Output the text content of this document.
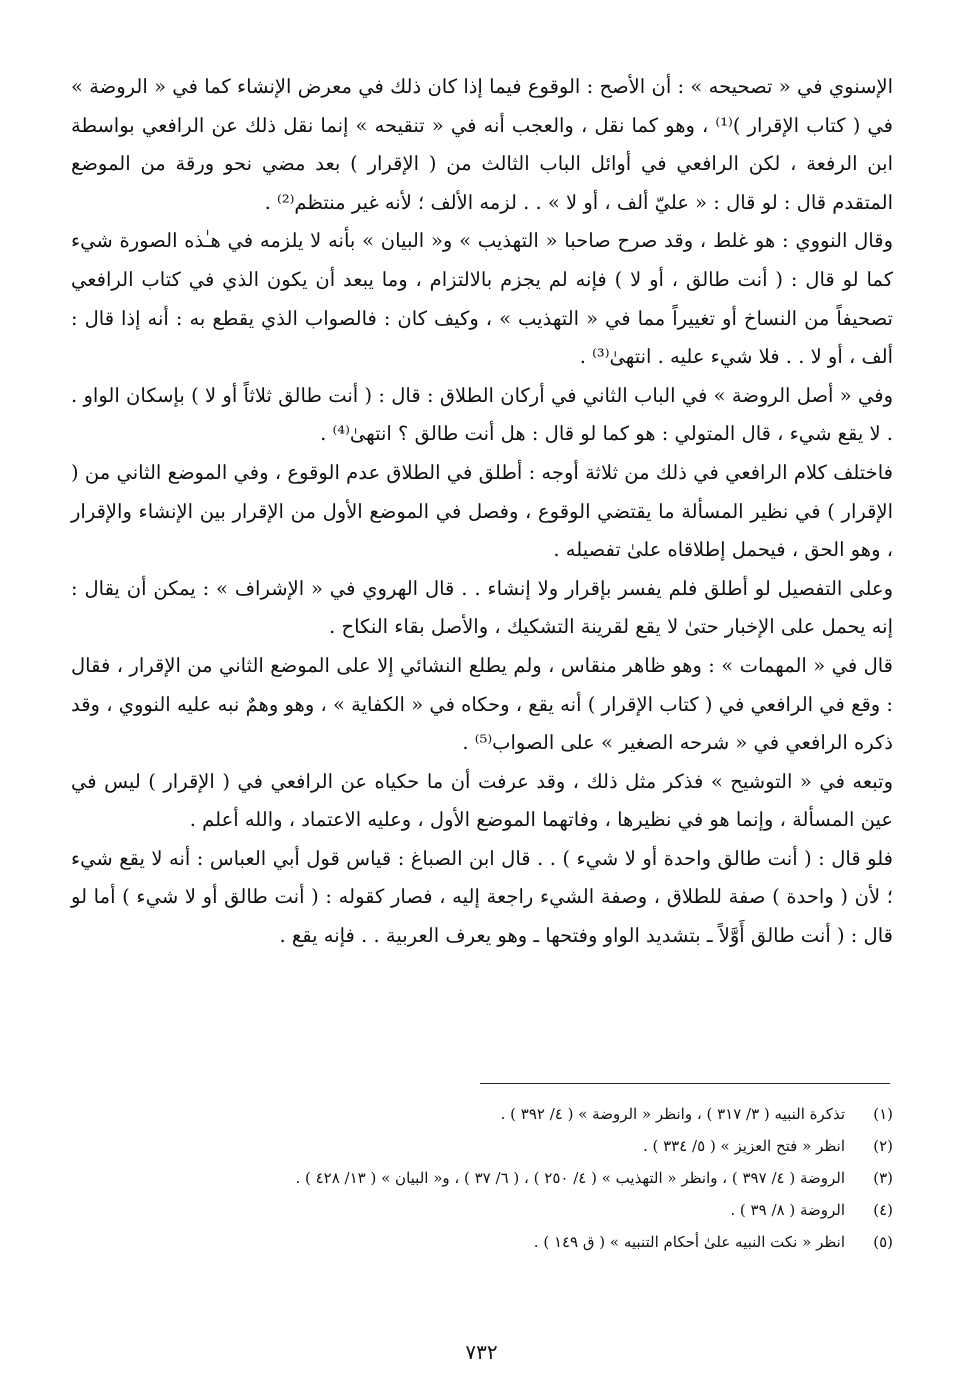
الإسنوي في « تصحيحه » : أن الأصح : الوقوع فيما إذا كان ذلك في معرض الإنشاء كما في « الروضة » في ( كتاب الإقرار )⁽¹⁾ ، وهو كما نقل ، والعجب أنه في « تنقيحه » إنما نقل ذلك عن الرافعي بواسطة ابن الرفعة ، لكن الرافعي في أوائل الباب الثالث من ( الإقرار ) بعد مضي نحو ورقة من الموضع المتقدم قال : لو قال : « عليّ ألف ، أو لا » . . لزمه الألف ؛ لأنه غير منتظم⁽²⁾ .

وقال النووي : هو غلط ، وقد صرح صاحبا « التهذيب » و« البيان » بأنه لا يلزمه في هـٰذه الصورة شيء كما لو قال : ( أنت طالق ، أو لا ) فإنه لم يجزم بالالتزام ، وما يبعد أن يكون الذي في كتاب الرافعي تصحيفاً من النساخ أو تغييراً مما في « التهذيب » ، وكيف كان : فالصواب الذي يقطع به : أنه إذا قال : ألف ، أو لا . . فلا شيء عليه . انتهىٰ⁽³⁾ .

وفي « أصل الروضة » في الباب الثاني في أركان الطلاق : قال : ( أنت طالق ثلاثاً أو لا ) بإسكان الواو . . لا يقع شيء ، قال المتولي : هو كما لو قال : هل أنت طالق ؟ انتهىٰ⁽⁴⁾ .

فاختلف كلام الرافعي في ذلك من ثلاثة أوجه : أطلق في الطلاق عدم الوقوع ، وفي الموضع الثاني من ( الإقرار ) في نظير المسألة ما يقتضي الوقوع ، وفصل في الموضع الأول من الإقرار بين الإنشاء والإقرار ، وهو الحق ، فيحمل إطلاقاه علىٰ تفصيله .

وعلى التفصيل لو أطلق فلم يفسر بإقرار ولا إنشاء . . قال الهروي في « الإشراف » : يمكن أن يقال : إنه يحمل على الإخبار حتىٰ لا يقع لقرينة التشكيك ، والأصل بقاء النكاح .

قال في « المهمات » : وهو ظاهر منقاس ، ولم يطلع النشائي إلا على الموضع الثاني من الإقرار ، فقال : وقع في الرافعي في ( كتاب الإقرار ) أنه يقع ، وحكاه في « الكفاية » ، وهو وهمٌ نبه عليه النووي ، وقد ذكره الرافعي في « شرحه الصغير » على الصواب⁽⁵⁾ .

وتبعه في « التوشيح » فذكر مثل ذلك ، وقد عرفت أن ما حكياه عن الرافعي في ( الإقرار ) ليس في عين المسألة ، وإنما هو في نظيرها ، وفاتهما الموضع الأول ، وعليه الاعتماد ، والله أعلم .

فلو قال : ( أنت طالق واحدة أو لا شيء ) . . قال ابن الصباغ : قياس قول أبي العباس : أنه لا يقع شيء ؛ لأن ( واحدة ) صفة للطلاق ، وصفة الشيء راجعة إليه ، فصار كقوله : ( أنت طالق أو لا شيء ) أما لو قال : ( أنت طالق أَوَّلاً ـ بتشديد الواو وفتحها ـ وهو يعرف العربية . . فإنه يقع .

(١)
تذكرة النبيه ( ٣/ ٣١٧ ) ، وانظر « الروضة » ( ٤/ ٣٩٢ ) .
(٢)
انظر « فتح العزيز » ( ٥/ ٣٣٤ ) .
(٣)
الروضة ( ٤/ ٣٩٧ ) ، وانظر « التهذيب » ( ٤/ ٢٥٠ ) ، ( ٦/ ٣٧ ) ، و« البيان » ( ١٣/ ٤٢٨ ) .
(٤)
الروضة ( ٨/ ٣٩ ) .
(٥)
انظر « نكت النبيه علىٰ أحكام التنبيه » ( ق ١٤٩ ) .
٧٣٢
